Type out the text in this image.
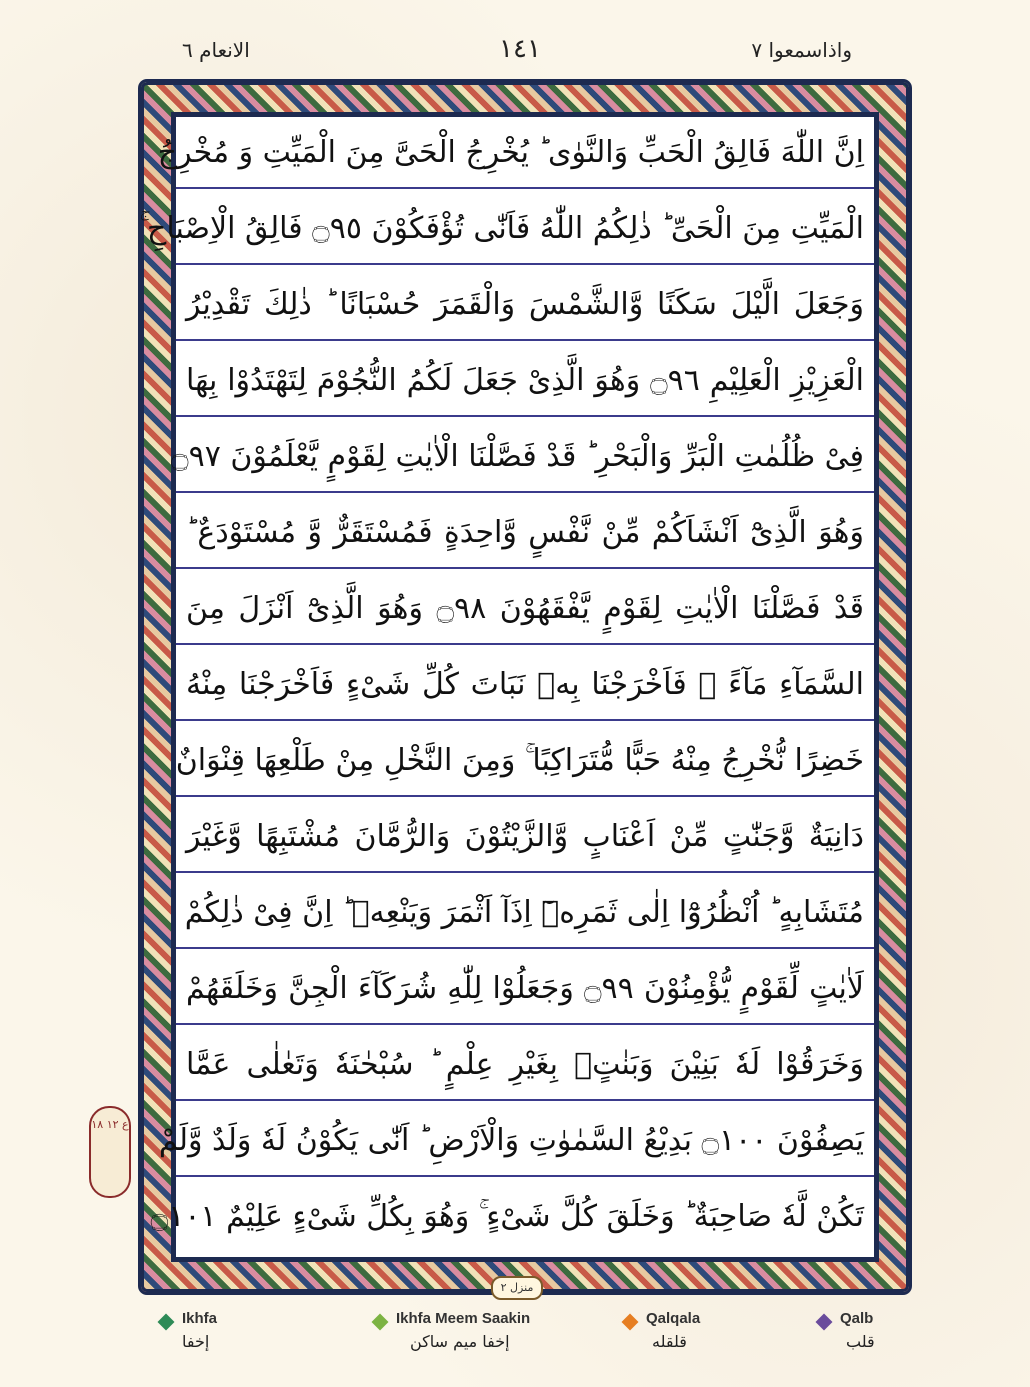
واذاسمعوا ٧
١٤١
الانعام ٦
اِنَّ اللّٰهَ فَالِقُ الْحَبِّ وَالنَّوٰى ؕ يُخْرِجُ الْحَىَّ مِنَ الْمَيِّتِ وَ مُخْرِجُ
الْمَيِّتِ مِنَ الْحَىِّ ؕ ذٰلِكُمُ اللّٰهُ فَاَنّٰى تُؤْفَكُوْنَ ۝٩٥ فَالِقُ الْاِصْبَاحِ ۚ
وَجَعَلَ الَّيْلَ سَكَنًا وَّالشَّمْسَ وَالْقَمَرَ حُسْبَانًا ؕ ذٰلِكَ تَقْدِيْرُ
الْعَزِيْزِ الْعَلِيْمِ ۝٩٦ وَهُوَ الَّذِىْ جَعَلَ لَكُمُ النُّجُوْمَ لِتَهْتَدُوْا بِهَا
فِىْ ظُلُمٰتِ الْبَرِّ وَالْبَحْرِ ؕ قَدْ فَصَّلْنَا الْاٰيٰتِ لِقَوْمٍ يَّعْلَمُوْنَ ۝٩٧
وَهُوَ الَّذِىْٓ اَنْشَاَكُمْ مِّنْ نَّفْسٍ وَّاحِدَةٍ فَمُسْتَقَرٌّ وَّ مُسْتَوْدَعٌ ؕ
قَدْ فَصَّلْنَا الْاٰيٰتِ لِقَوْمٍ يَّفْقَهُوْنَ ۝٩٨ وَهُوَ الَّذِىْٓ اَنْزَلَ مِنَ
السَّمَآءِ مَآءً ۚ فَاَخْرَجْنَا بِهٖ نَبَاتَ كُلِّ شَىْءٍ فَاَخْرَجْنَا مِنْهُ
خَضِرًا نُّخْرِجُ مِنْهُ حَبًّا مُّتَرَاكِبًا ۚ وَمِنَ النَّخْلِ مِنْ طَلْعِهَا قِنْوَانٌ
دَانِيَةٌ وَّجَنّٰتٍ مِّنْ اَعْنَابٍ وَّالزَّيْتُوْنَ وَالرُّمَّانَ مُشْتَبِهًا وَّغَيْرَ
مُتَشَابِهٍ ؕ اُنْظُرُوْٓا اِلٰى ثَمَرِهٖٓ اِذَآ اَثْمَرَ وَيَنْعِهٖ ؕ اِنَّ فِىْ ذٰلِكُمْ
لَاٰيٰتٍ لِّقَوْمٍ يُّؤْمِنُوْنَ ۝٩٩ وَجَعَلُوْا لِلّٰهِ شُرَكَآءَ الْجِنَّ وَخَلَقَهُمْ
وَخَرَقُوْا لَهٗ بَنِيْنَ وَبَنٰتٍۢ بِغَيْرِ عِلْمٍ ؕ سُبْحٰنَهٗ وَتَعٰلٰى عَمَّا
يَصِفُوْنَ ۝١٠٠ بَدِيْعُ السَّمٰوٰتِ وَالْاَرْضِ ؕ اَنّٰى يَكُوْنُ لَهٗ وَلَدٌ وَّلَمْ
تَكُنْ لَّهٗ صَاحِبَةٌ ؕ وَخَلَقَ كُلَّ شَىْءٍ ۚ وَهُوَ بِكُلِّ شَىْءٍ عَلِيْمٌ ۝١٠١
ع ١٢ ١٨
منزل ٢
Ikhfa
إخفا
Ikhfa Meem Saakin
إخفا ميم ساكن
Qalqala
قلقله
Qalb
قلب
